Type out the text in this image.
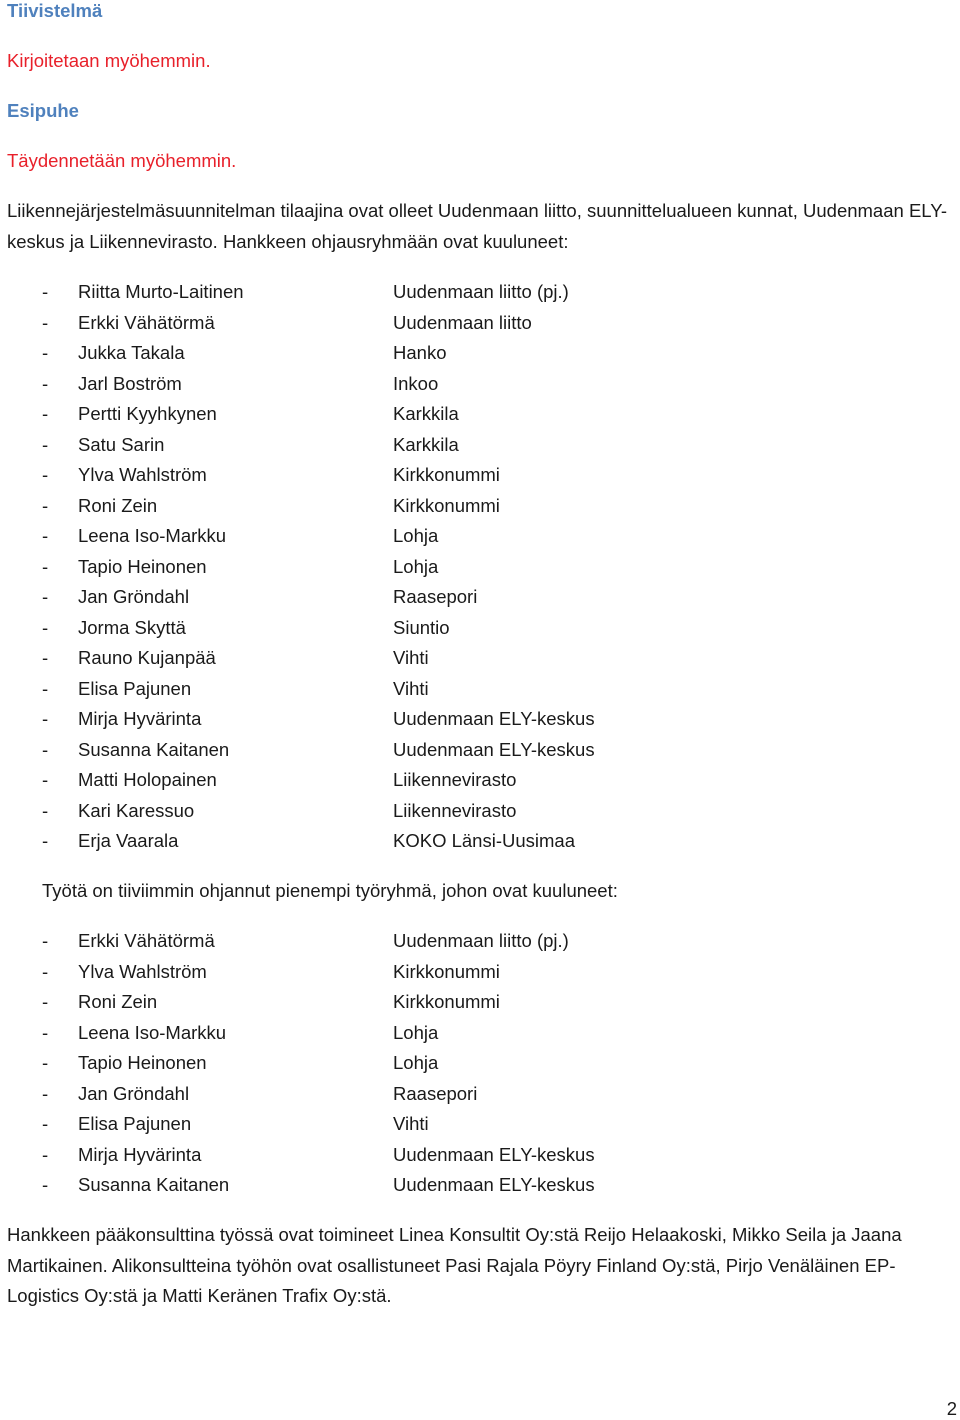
Tiivistelmä

Kirjoitetaan myöhemmin.

Esipuhe

Täydennetään myöhemmin.

Liikennejärjestelmäsuunnitelman tilaajina ovat olleet Uudenmaan liitto, suunnittelualueen kunnat, Uudenmaan ELY-keskus ja Liikennevirasto. Hankkeen ohjausryhmään ovat kuuluneet:
- Riitta Murto-Laitinen	Uudenmaan liitto (pj.)
- Erkki Vähätörmä	Uudenmaan liitto
- Jukka Takala	Hanko
- Jarl Boström	Inkoo
- Pertti Kyyhkynen	Karkkila
- Satu Sarin	Karkkila
- Ylva Wahlström	Kirkkonummi
- Roni Zein	Kirkkonummi
- Leena Iso-Markku	Lohja
- Tapio Heinonen	Lohja
- Jan Gröndahl	Raasepori
- Jorma Skyttä	Siuntio
- Rauno Kujanpää	Vihti
- Elisa Pajunen	Vihti
- Mirja Hyvärinta	Uudenmaan ELY-keskus
- Susanna Kaitanen	Uudenmaan ELY-keskus
- Matti Holopainen	Liikennevirasto
- Kari Karessuo	Liikennevirasto
- Erja Vaarala	KOKO Länsi-Uusimaa
Työtä on tiiviimmin ohjannut pienempi työryhmä, johon ovat kuuluneet:
- Erkki Vähätörmä	Uudenmaan liitto (pj.)
- Ylva Wahlström	Kirkkonummi
- Roni Zein	Kirkkonummi
- Leena Iso-Markku	Lohja
- Tapio Heinonen	Lohja
- Jan Gröndahl	Raasepori
- Elisa Pajunen	Vihti
- Mirja Hyvärinta	Uudenmaan ELY-keskus
- Susanna Kaitanen	Uudenmaan ELY-keskus
Hankkeen pääkonsulttina työssä ovat toimineet Linea Konsultit Oy:stä Reijo Helaakoski, Mikko Seila ja Jaana Martikainen. Alikonsultteina työhön ovat osallistuneet Pasi Rajala Pöyry Finland Oy:stä, Pirjo Venäläinen EP-Logistics Oy:stä ja Matti Keränen Trafix Oy:stä.
2
